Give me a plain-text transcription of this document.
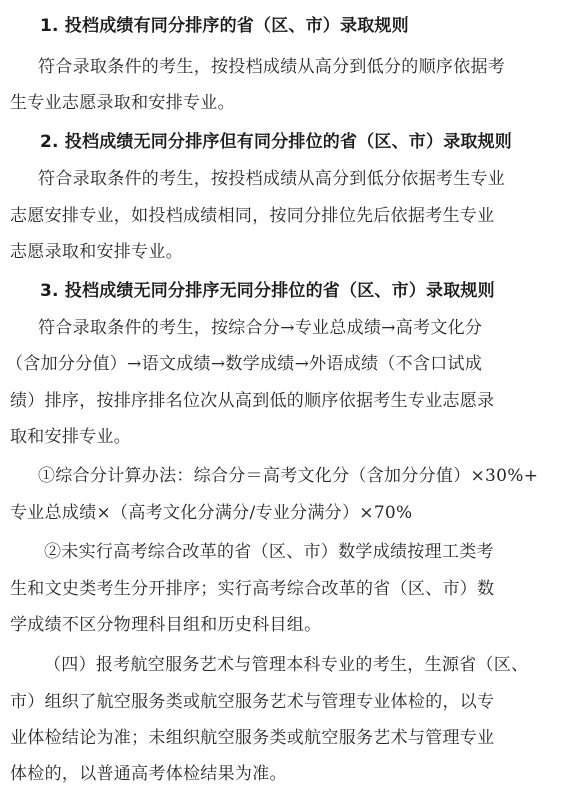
1. 投档成绩有同分排序的省（区、市）录取规则
符合录取条件的考生，按投档成绩从高分到低分的顺序依据考
生专业志愿录取和安排专业。
2. 投档成绩无同分排序但有同分排位的省（区、市）录取规则
符合录取条件的考生，按投档成绩从高分到低分依据考生专业
志愿安排专业，如投档成绩相同，按同分排位先后依据考生专业
志愿录取和安排专业。
3. 投档成绩无同分排序无同分排位的省（区、市）录取规则
符合录取条件的考生，按综合分→专业总成绩→高考文化分
（含加分分值）→语文成绩→数学成绩→外语成绩（不含口试成
绩）排序，按排序排名位次从高到低的顺序依据考生专业志愿录
取和安排专业。
①综合分计算办法：综合分＝高考文化分（含加分分值）×30%+
专业总成绩×（高考文化分满分/专业分满分）×70%
②未实行高考综合改革的省（区、市）数学成绩按理工类考
生和文史类考生分开排序；实行高考综合改革的省（区、市）数
学成绩不区分物理科目组和历史科目组。
（四）报考航空服务艺术与管理本科专业的考生，生源省（区、
市）组织了航空服务类或航空服务艺术与管理专业体检的，以专
业体检结论为准；未组织航空服务类或航空服务艺术与管理专业
体检的，以普通高考体检结果为准。
